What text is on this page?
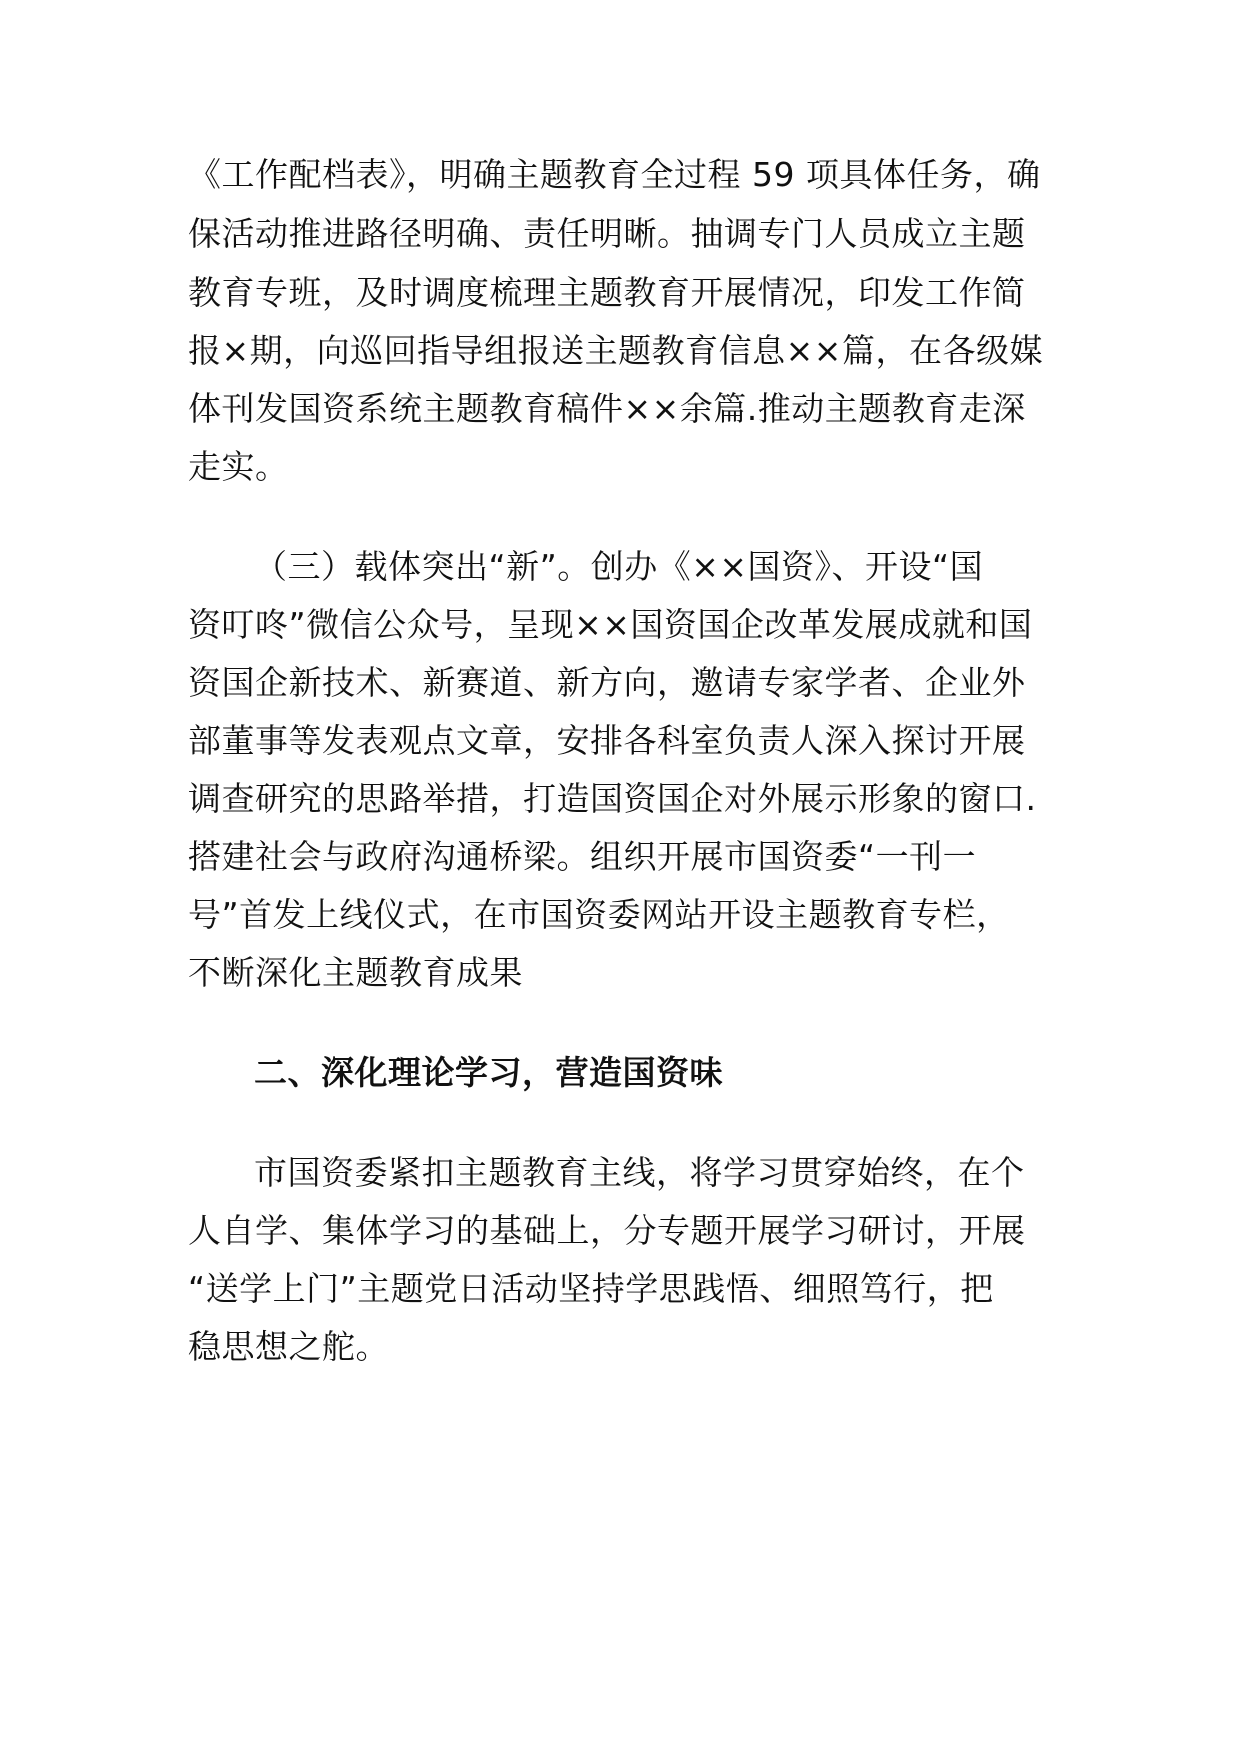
《工作配档表》，明确主题教育全过程 59 项具体任务，确
保活动推进路径明确、责任明晰。抽调专门人员成立主题
教育专班，及时调度梳理主题教育开展情况，印发工作简
报×期，向巡回指导组报送主题教育信息××篇，在各级媒
体刊发国资系统主题教育稿件××余篇.推动主题教育走深
走实。
（三）载体突出“新”。创办《××国资》、开设“国
资叮咚”微信公众号，呈现××国资国企改革发展成就和国
资国企新技术、新赛道、新方向，邀请专家学者、企业外
部董事等发表观点文章，安排各科室负责人深入探讨开展
调查研究的思路举措，打造国资国企对外展示形象的窗口.
搭建社会与政府沟通桥梁。组织开展市国资委“一刊一
号”首发上线仪式，在市国资委网站开设主题教育专栏，
不断深化主题教育成果
二、深化理论学习，营造国资味
市国资委紧扣主题教育主线，将学习贯穿始终，在个
人自学、集体学习的基础上，分专题开展学习研讨，开展
“送学上门”主题党日活动坚持学思践悟、细照笃行，把
稳思想之舵。
